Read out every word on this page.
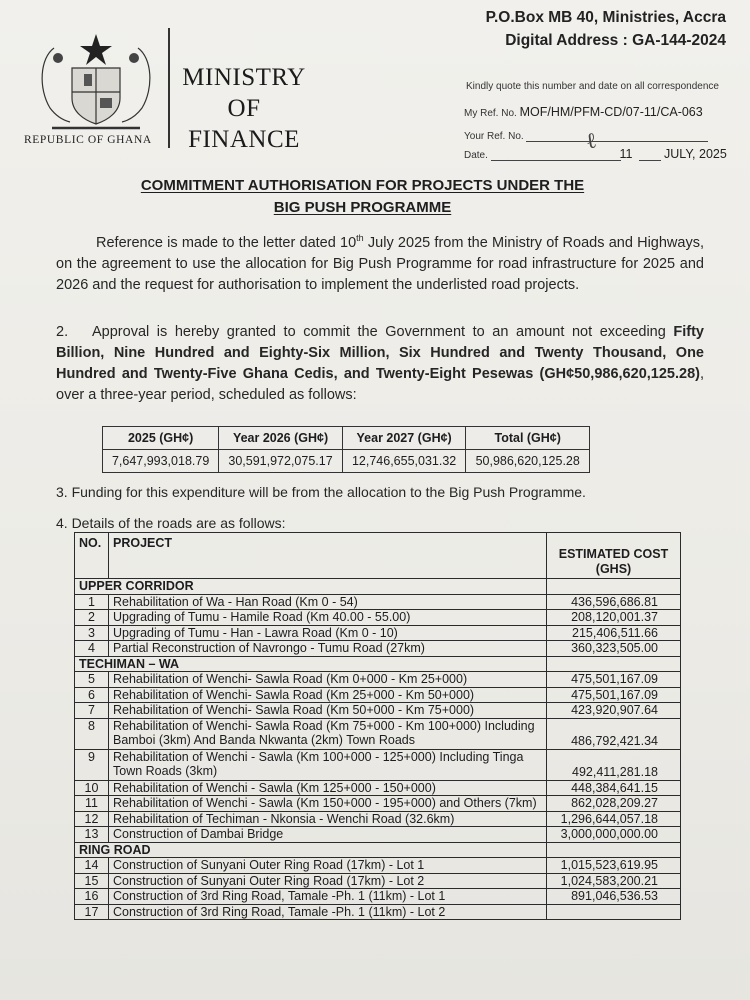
REPUBLIC OF GHANA
MINISTRY
OF
FINANCE
P.O.Box MB 40, Ministries, Accra
Digital Address : GA-144-2024
Kindly quote this number and date on all correspondence
My Ref. No. MOF/HM/PFM-CD/07-11/CA-063
Your Ref. No.
Date.	11	JULY, 2025
ℓ
COMMITMENT AUTHORISATION FOR PROJECTS UNDER THE
BIG PUSH PROGRAMME
Reference is made to the letter dated 10th July 2025 from the Ministry of Roads and Highways, on the agreement to use the allocation for Big Push Programme for road infrastructure for 2025 and 2026 and the request for authorisation to implement the underlisted road projects.
2. Approval is hereby granted to commit the Government to an amount not exceeding Fifty Billion, Nine Hundred and Eighty-Six Million, Six Hundred and Twenty Thousand, One Hundred and Twenty-Five Ghana Cedis, and Twenty-Eight Pesewas (GH¢50,986,620,125.28), over a three-year period, scheduled as follows:
2025 (GH¢)	Year 2026 (GH¢)	Year 2027 (GH¢)	Total (GH¢)
7,647,993,018.79	30,591,972,075.17	12,746,655,031.32	50,986,620,125.28
3. Funding for this expenditure will be from the allocation to the Big Push Programme.
4. Details of the roads are as follows:
NO.	PROJECT	ESTIMATED COST (GHS)
UPPER CORRIDOR		
1	Rehabilitation of Wa - Han Road (Km 0 - 54)	436,596,686.81
2	Upgrading of Tumu - Hamile Road (Km 40.00 - 55.00)	208,120,001.37
3	Upgrading of Tumu - Han - Lawra Road (Km 0 - 10)	215,406,511.66
4	Partial Reconstruction of Navrongo - Tumu Road (27km)	360,323,505.00
TECHIMAN – WA		
5	Rehabilitation of Wenchi- Sawla Road (Km 0+000 - Km 25+000)	475,501,167.09
6	Rehabilitation of Wenchi- Sawla Road (Km 25+000 - Km 50+000)	475,501,167.09
7	Rehabilitation of Wenchi- Sawla Road (Km 50+000 - Km 75+000)	423,920,907.64
8	Rehabilitation of Wenchi- Sawla Road (Km 75+000 - Km 100+000) Including Bamboi (3km) And Banda Nkwanta (2km) Town Roads	486,792,421.34
9	Rehabilitation of Wenchi - Sawla (Km 100+000 - 125+000) Including Tinga Town Roads (3km)	492,411,281.18
10	Rehabilitation of Wenchi - Sawla (Km 125+000 - 150+000)	448,384,641.15
11	Rehabilitation of Wenchi - Sawla (Km 150+000 - 195+000) and Others (7km)	862,028,209.27
12	Rehabilitation of Techiman - Nkonsia - Wenchi Road (32.6km)	1,296,644,057.18
13	Construction of Dambai Bridge	3,000,000,000.00
RING ROAD		
14	Construction of Sunyani Outer Ring Road (17km) - Lot 1	1,015,523,619.95
15	Construction of Sunyani Outer Ring Road (17km) - Lot 2	1,024,583,200.21
16	Construction of 3rd Ring Road, Tamale -Ph. 1 (11km) - Lot 1	891,046,536.53
17	Construction of 3rd Ring Road, Tamale -Ph. 1 (11km) - Lot 2	
